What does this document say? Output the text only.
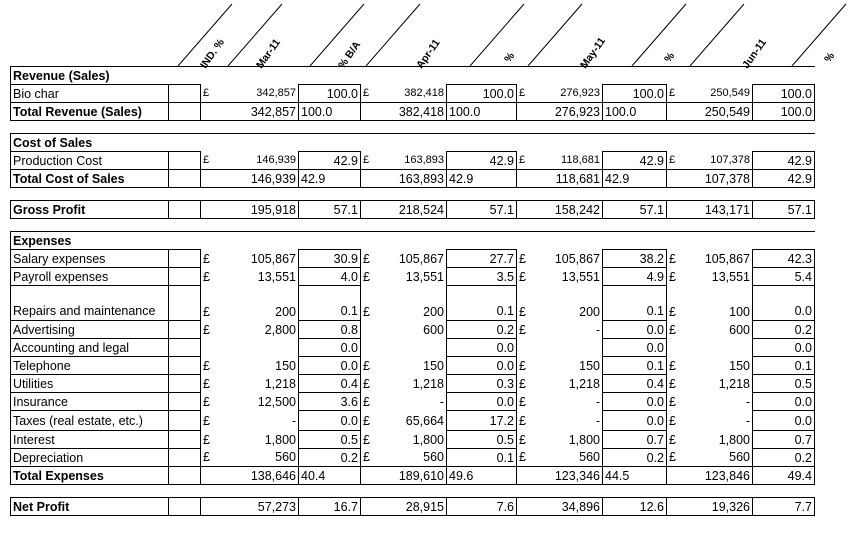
IND. %	Mar-11	% B/A	Apr-11	%	May-11	%	Jun-11	%
Revenue (Sales)													
Bio char		£	342,857	100.0	£	382,418	100.0	£	276,923	100.0	£	250,549	100.0
Total Revenue (Sales)		342,857		100.0	382,418		100.0	276,923		100.0	250,549		100.0

Cost of Sales													
Production Cost		£	146,939	42.9	£	163,893	42.9	£	118,681	42.9	£	107,378	42.9
Total Cost of Sales		146,939		42.9	163,893		42.9	118,681		42.9	107,378		42.9

Gross Profit		195,918		57.1	218,524		57.1	158,242		57.1	143,171		57.1

Expenses													
Salary expenses		£	105,867	30.9	£	105,867	27.7	£	105,867	38.2	£	105,867	42.3
Payroll expenses		£	13,551	4.0	£	13,551	3.5	£	13,551	4.9	£	13,551	5.4
Repairs and maintenance		£	200	0.1	£	200	0.1	£	200	0.1	£	100	0.0
Advertising		£	2,800	0.8		600	0.2	£	-	0.0	£	600	0.2
Accounting and legal				0.0			0.0			0.0			0.0
Telephone		£	150	0.0	£	150	0.0	£	150	0.1	£	150	0.1
Utilities		£	1,218	0.4	£	1,218	0.3	£	1,218	0.4	£	1,218	0.5
Insurance		£	12,500	3.6	£	-	0.0	£	-	0.0	£	-	0.0
Taxes (real estate, etc.)		£	-	0.0	£	65,664	17.2	£	-	0.0	£	-	0.0
Interest		£	1,800	0.5	£	1,800	0.5	£	1,800	0.7	£	1,800	0.7
Depreciation		£	560	0.2	£	560	0.1	£	560	0.2	£	560	0.2
Total Expenses		138,646		40.4	189,610		49.6	123,346		44.5	123,846		49.4

Net Profit		57,273		16.7	28,915		7.6	34,896		12.6	19,326		7.7
